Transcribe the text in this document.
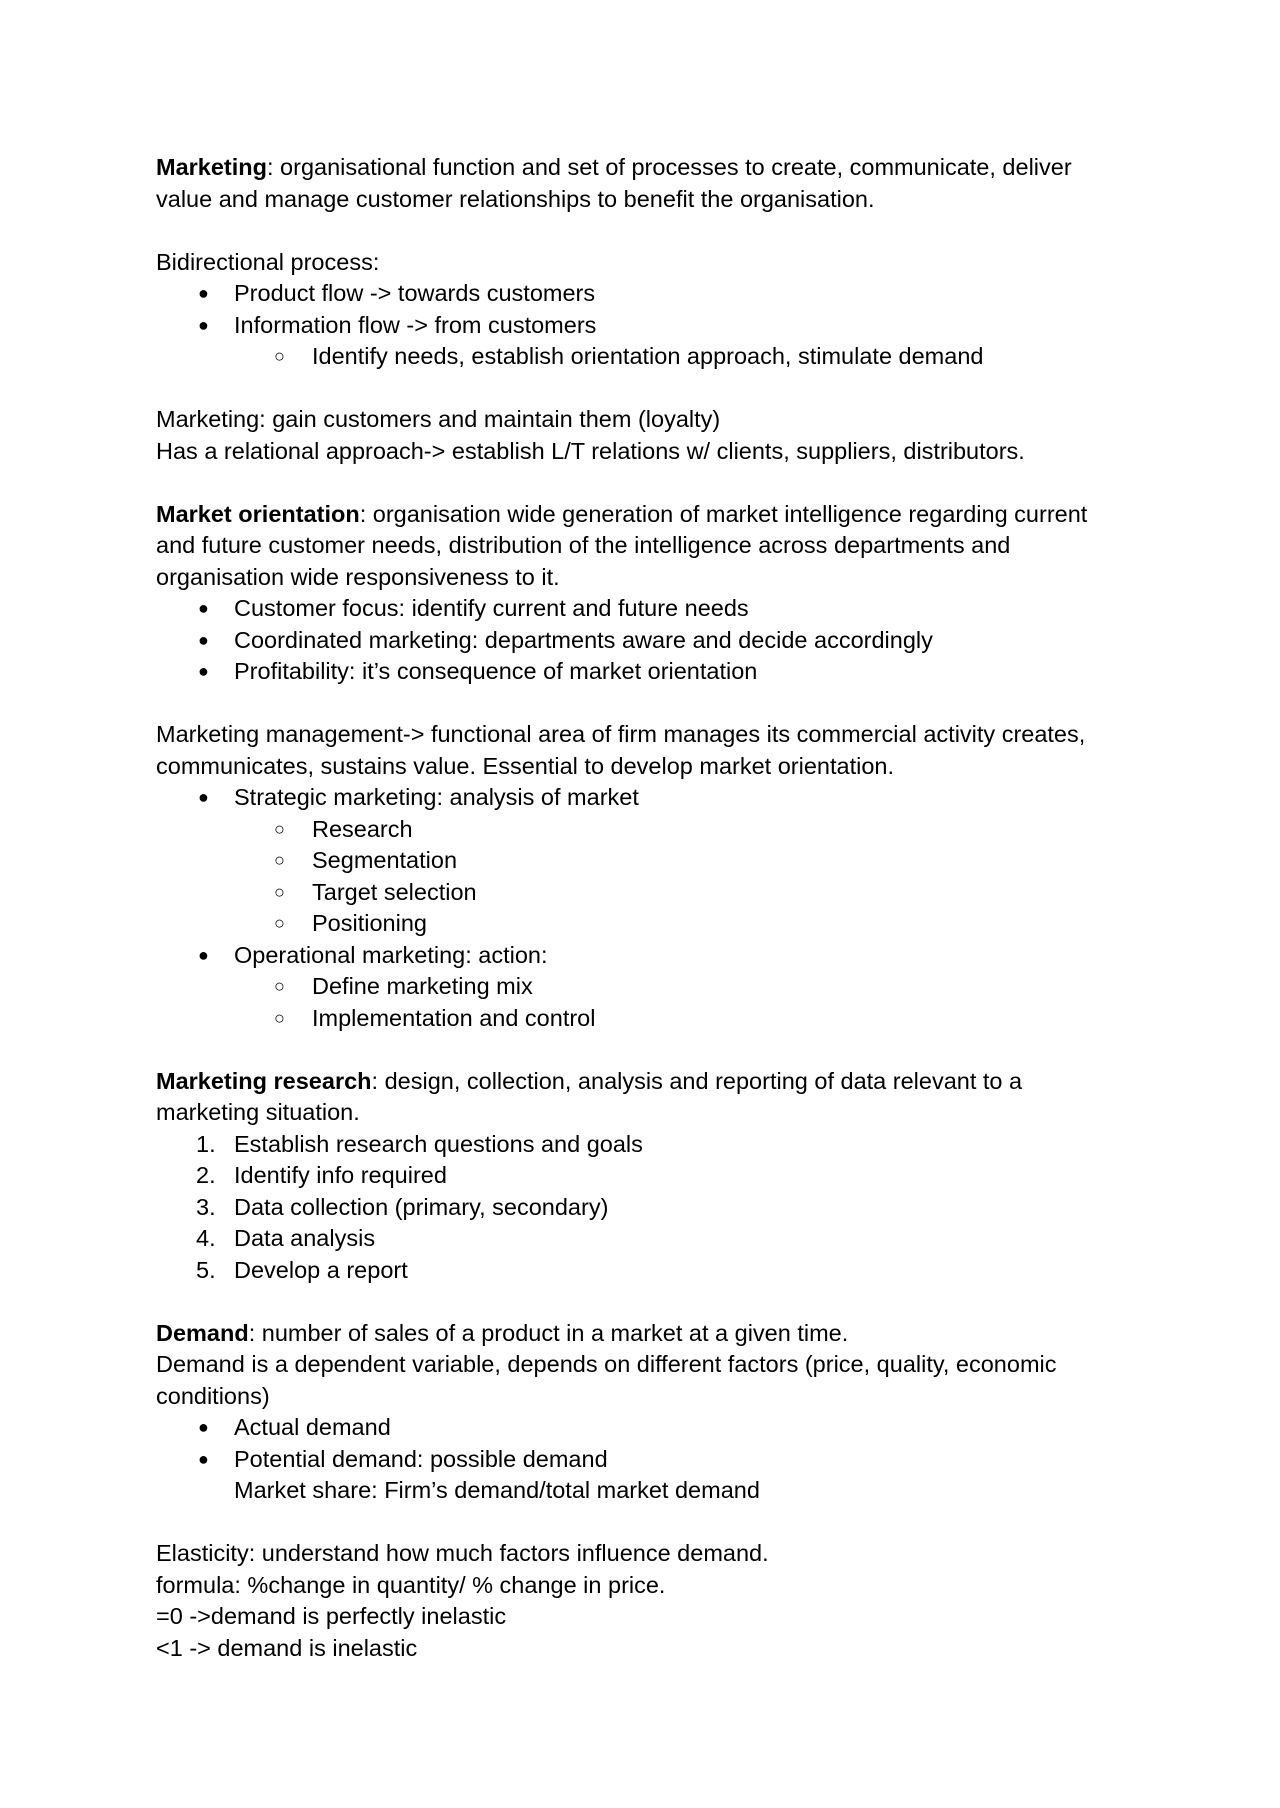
Marketing: organisational function and set of processes to create, communicate, deliver value and manage customer relationships to benefit the organisation.

Bidirectional process:

● Product flow -> towards customers

● Information flow -> from customers

○ Identify needs, establish orientation approach, stimulate demand

Marketing: gain customers and maintain them (loyalty)

Has a relational approach-> establish L/T relations w/ clients, suppliers, distributors.

Market orientation: organisation wide generation of market intelligence regarding current and future customer needs, distribution of the intelligence across departments and organisation wide responsiveness to it.

● Customer focus: identify current and future needs

● Coordinated marketing: departments aware and decide accordingly

● Profitability: it’s consequence of market orientation

Marketing management-> functional area of firm manages its commercial activity creates, communicates, sustains value. Essential to develop market orientation.

● Strategic marketing: analysis of market

○ Research

○ Segmentation

○ Target selection

○ Positioning

● Operational marketing: action:

○ Define marketing mix

○ Implementation and control

Marketing research: design, collection, analysis and reporting of data relevant to a marketing situation.

1. Establish research questions and goals

2. Identify info required

3. Data collection (primary, secondary)

4. Data analysis

5. Develop a report

Demand: number of sales of a product in a market at a given time.

Demand is a dependent variable, depends on different factors (price, quality, economic conditions)

● Actual demand

● Potential demand: possible demand

Market share: Firm’s demand/total market demand

Elasticity: understand how much factors influence demand.

formula: %change in quantity/ % change in price.

=0 ->demand is perfectly inelastic

<1 -> demand is inelastic
